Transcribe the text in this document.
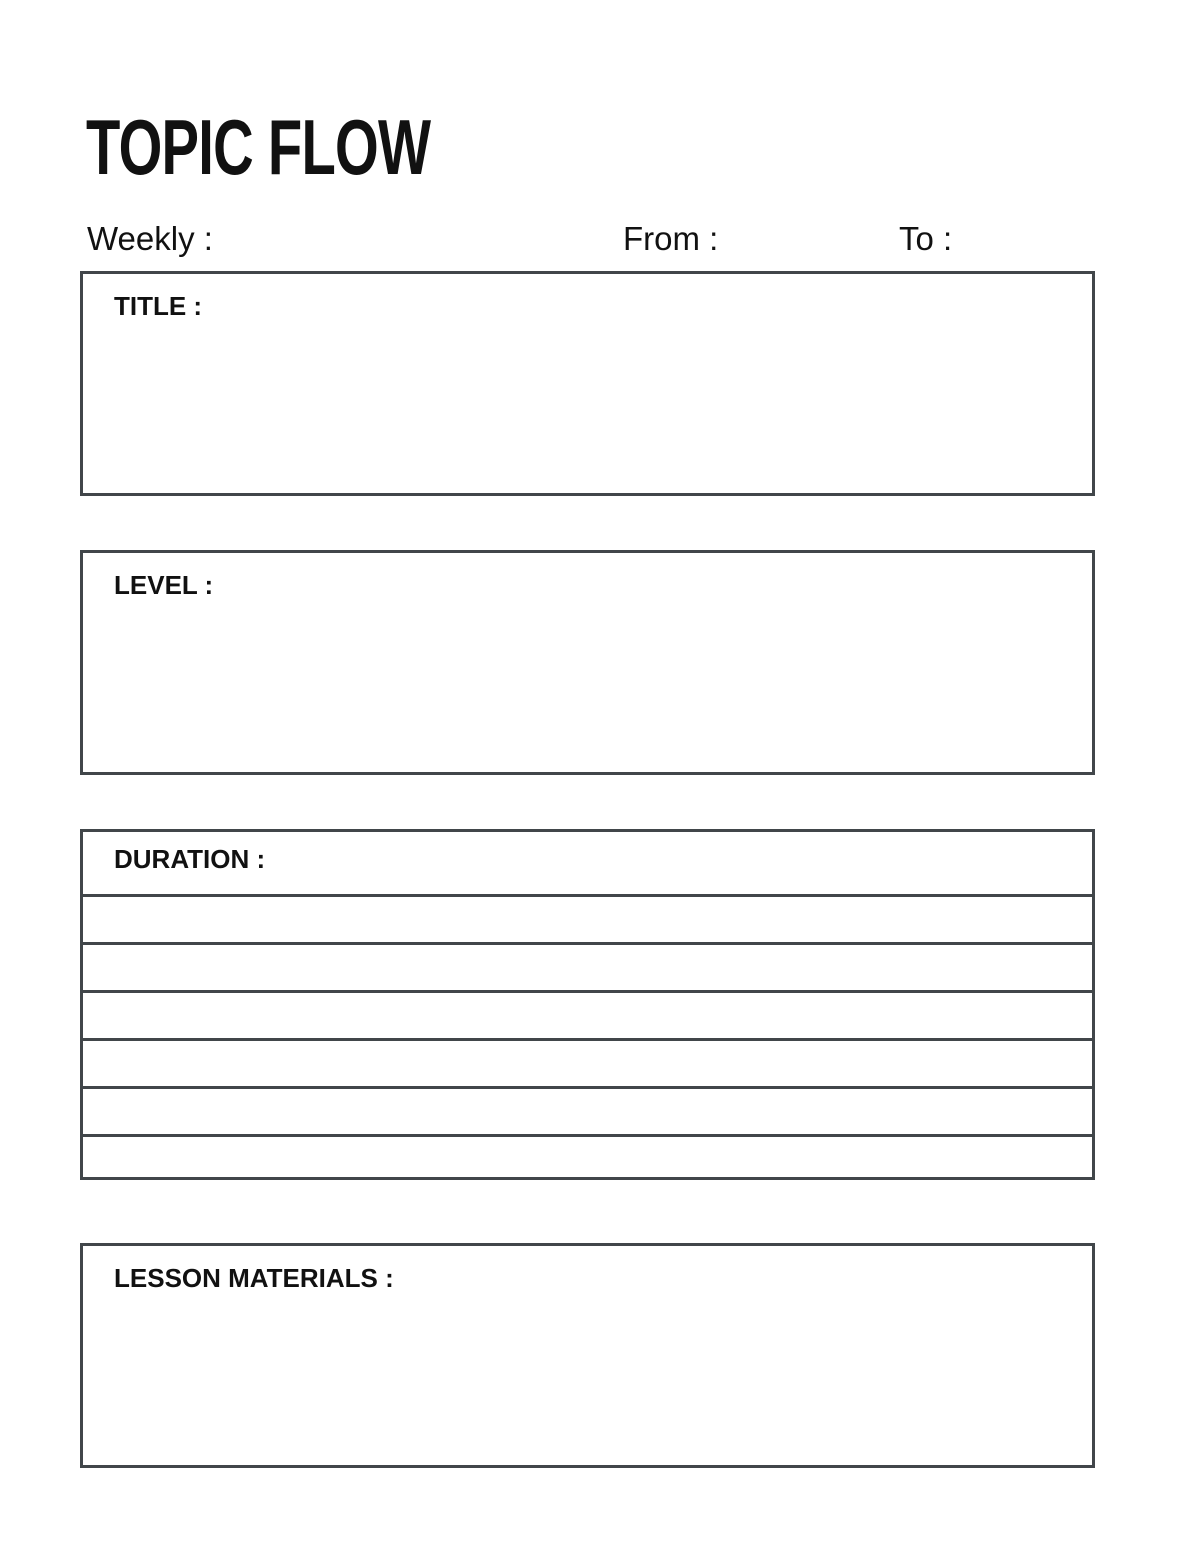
TOPIC FLOW
Weekly :	From :	To :
TITLE :
LEVEL :
DURATION :
LESSON MATERIALS :
